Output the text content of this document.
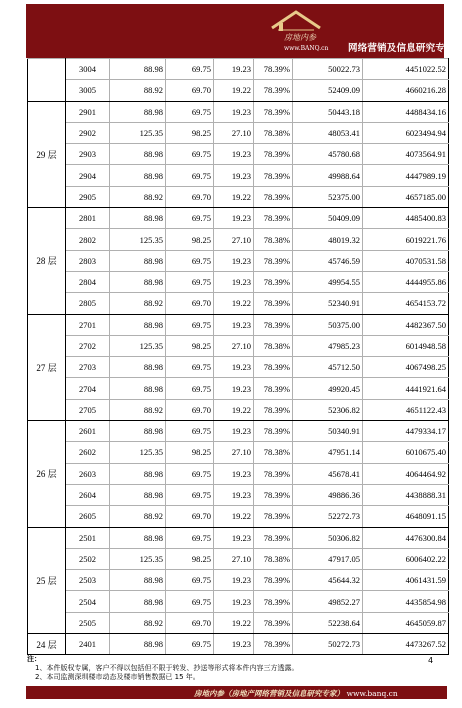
房地内参
www.BANQ.cn 网络营销及信息研究专家
	3004	88.98	69.75	19.23	78.39%	50022.73	4451022.52
	3005	88.92	69.70	19.22	78.39%	52409.09	4660216.28
29 层	2901	88.98	69.75	19.23	78.39%	50443.18	4488434.16
	2902	125.35	98.25	27.10	78.38%	48053.41	6023494.94
	2903	88.98	69.75	19.23	78.39%	45780.68	4073564.91
	2904	88.98	69.75	19.23	78.39%	49988.64	4447989.19
	2905	88.92	69.70	19.22	78.39%	52375.00	4657185.00
28 层	2801	88.98	69.75	19.23	78.39%	50409.09	4485400.83
	2802	125.35	98.25	27.10	78.38%	48019.32	6019221.76
	2803	88.98	69.75	19.23	78.39%	45746.59	4070531.58
	2804	88.98	69.75	19.23	78.39%	49954.55	4444955.86
	2805	88.92	69.70	19.22	78.39%	52340.91	4654153.72
27 层	2701	88.98	69.75	19.23	78.39%	50375.00	4482367.50
	2702	125.35	98.25	27.10	78.38%	47985.23	6014948.58
	2703	88.98	69.75	19.23	78.39%	45712.50	4067498.25
	2704	88.98	69.75	19.23	78.39%	49920.45	4441921.64
	2705	88.92	69.70	19.22	78.39%	52306.82	4651122.43
26 层	2601	88.98	69.75	19.23	78.39%	50340.91	4479334.17
	2602	125.35	98.25	27.10	78.38%	47951.14	6010675.40
	2603	88.98	69.75	19.23	78.39%	45678.41	4064464.92
	2604	88.98	69.75	19.23	78.39%	49886.36	4438888.31
	2605	88.92	69.70	19.22	78.39%	52272.73	4648091.15
25 层	2501	88.98	69.75	19.23	78.39%	50306.82	4476300.84
	2502	125.35	98.25	27.10	78.38%	47917.05	6006402.22
	2503	88.98	69.75	19.23	78.39%	45644.32	4061431.59
	2504	88.98	69.75	19.23	78.39%	49852.27	4435854.98
	2505	88.92	69.70	19.22	78.39%	52238.64	4645059.87
24 层	2401	88.98	69.75	19.23	78.39%	50272.73	4473267.52
注：
1、本件版权专属，客户不得以包括但不限于转发、抄送等形式将本件内容三方透露。
2、本司监测深圳楼市动态及楼市销售数据已 15 年。
4
房地内参（房地产网络营销及信息研究专家） www.banq.cn
